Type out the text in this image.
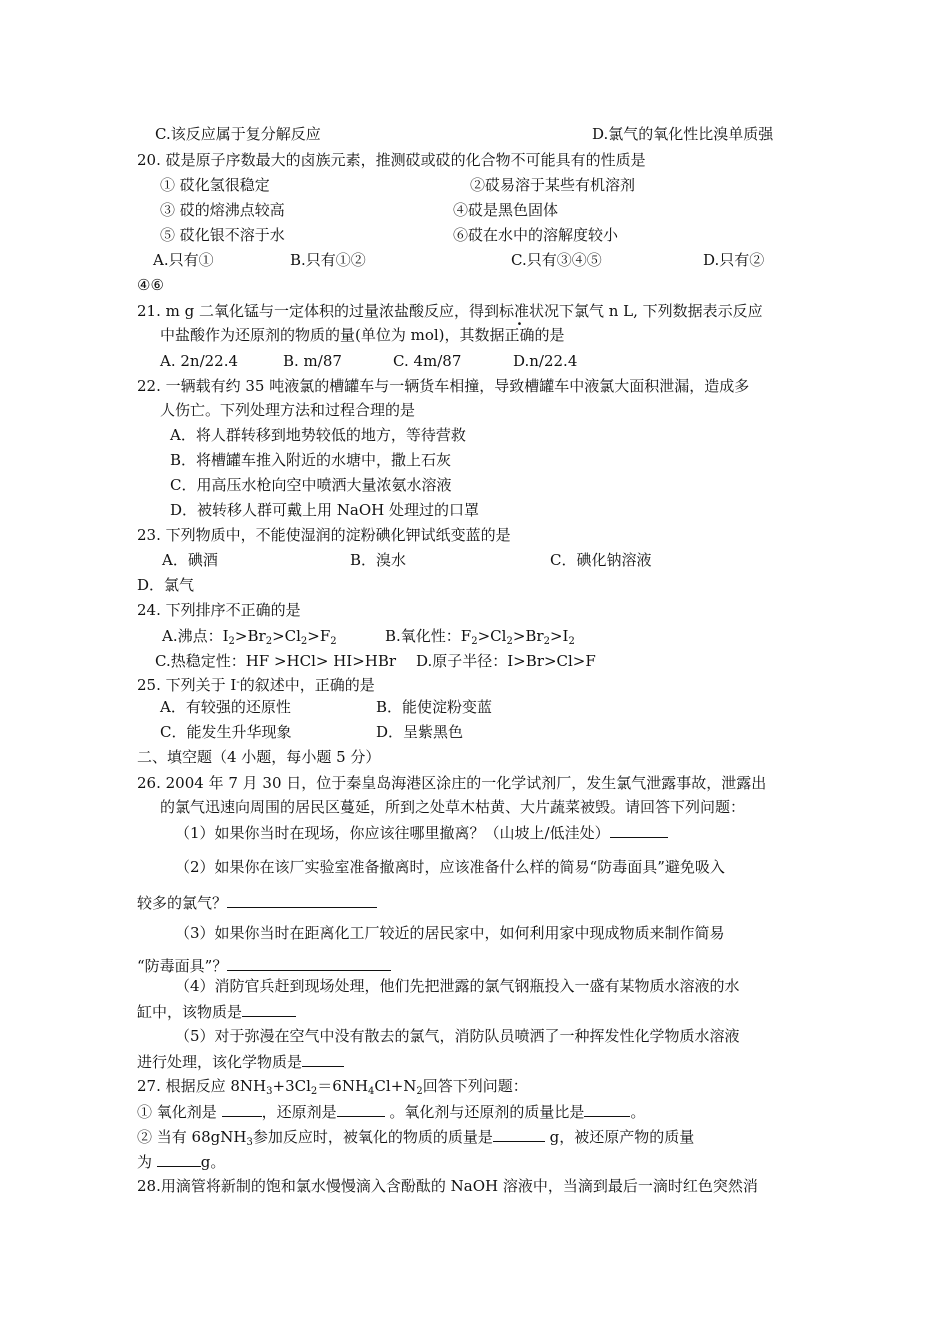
C.该反应属于复分解反应	D.氯气的氧化性比溴单质强
20. 砹是原子序数最大的卤族元素，推测砹或砹的化合物不可能具有的性质是
① 砹化氢很稳定	②砹易溶于某些有机溶剂
③ 砹的熔沸点较高	④砹是黑色固体
⑤ 砹化银不溶于水	⑥砹在水中的溶解度较小
A.只有①	B.只有①②	C.只有③④⑤	D.只有②
④⑥
21. m g 二氧化锰与一定体积的过量浓盐酸反应，得到标准状况下氯气 n L, 下列数据表示反应
中盐酸作为还原剂的物质的量(单位为 mol)，其数据正确的是
A. 2n/22.4	B. m/87	C. 4m/87	D.n/22.4
22. 一辆载有约 35 吨液氯的槽罐车与一辆货车相撞，导致槽罐车中液氯大面积泄漏，造成多
人伤亡。下列处理方法和过程合理的是
A．将人群转移到地势较低的地方，等待营救
B．将槽罐车推入附近的水塘中，撒上石灰
C．用高压水枪向空中喷洒大量浓氨水溶液
D．被转移人群可戴上用 NaOH 处理过的口罩
23. 下列物质中，不能使湿润的淀粉碘化钾试纸变蓝的是
A．碘酒	B．溴水	C．碘化钠溶液
D．氯气
24. 下列排序不正确的是
A.沸点：$I_2>Br_2>Cl_2>F_2$	B.氧化性：$F_2>Cl_2>Br_2>I_2$
C.热稳定性：HF >HCl> HI>HBr D.原子半径：I>Br>Cl>F
25. 下列关于 I-的叙述中，正确的是
A．有较强的还原性	B．能使淀粉变蓝
C．能发生升华现象	D．呈紫黑色
二、填空题（4 小题，每小题 5 分）
26. 2004 年 7 月 30 日，位于秦皇岛海港区涂庄的一化学试剂厂，发生氯气泄露事故，泄露出
的氯气迅速向周围的居民区蔓延，所到之处草木枯黄、大片蔬菜被毁。请回答下列问题：
（1）如果你当时在现场，你应该往哪里撤离？（山坡上/低洼处）
（2）如果你在该厂实验室准备撤离时，应该准备什么样的简易“防毒面具”避免吸入
较多的氯气？
（3）如果你当时在距离化工厂较近的居民家中，如何利用家中现成物质来制作简易
“防毒面具”？
（4）消防官兵赶到现场处理，他们先把泄露的氯气钢瓶投入一盛有某物质水溶液的水
缸中，该物质是
（5）对于弥漫在空气中没有散去的氯气，消防队员喷洒了一种挥发性化学物质水溶液
进行处理，该化学物质是
27. 根据反应 $8NH_3+3Cl_2=6NH_4Cl+N_2$回答下列问题：
① 氧化剂是	，还原剂是	。氧化剂与还原剂的质量比是	。
② 当有 68gNH$_3$参加反应时，被氧化的物质的质量是	g，被还原产物的质量
为	g。
28.用滴管将新制的饱和氯水慢慢滴入含酚酞的 NaOH 溶液中，当滴到最后一滴时红色突然消
